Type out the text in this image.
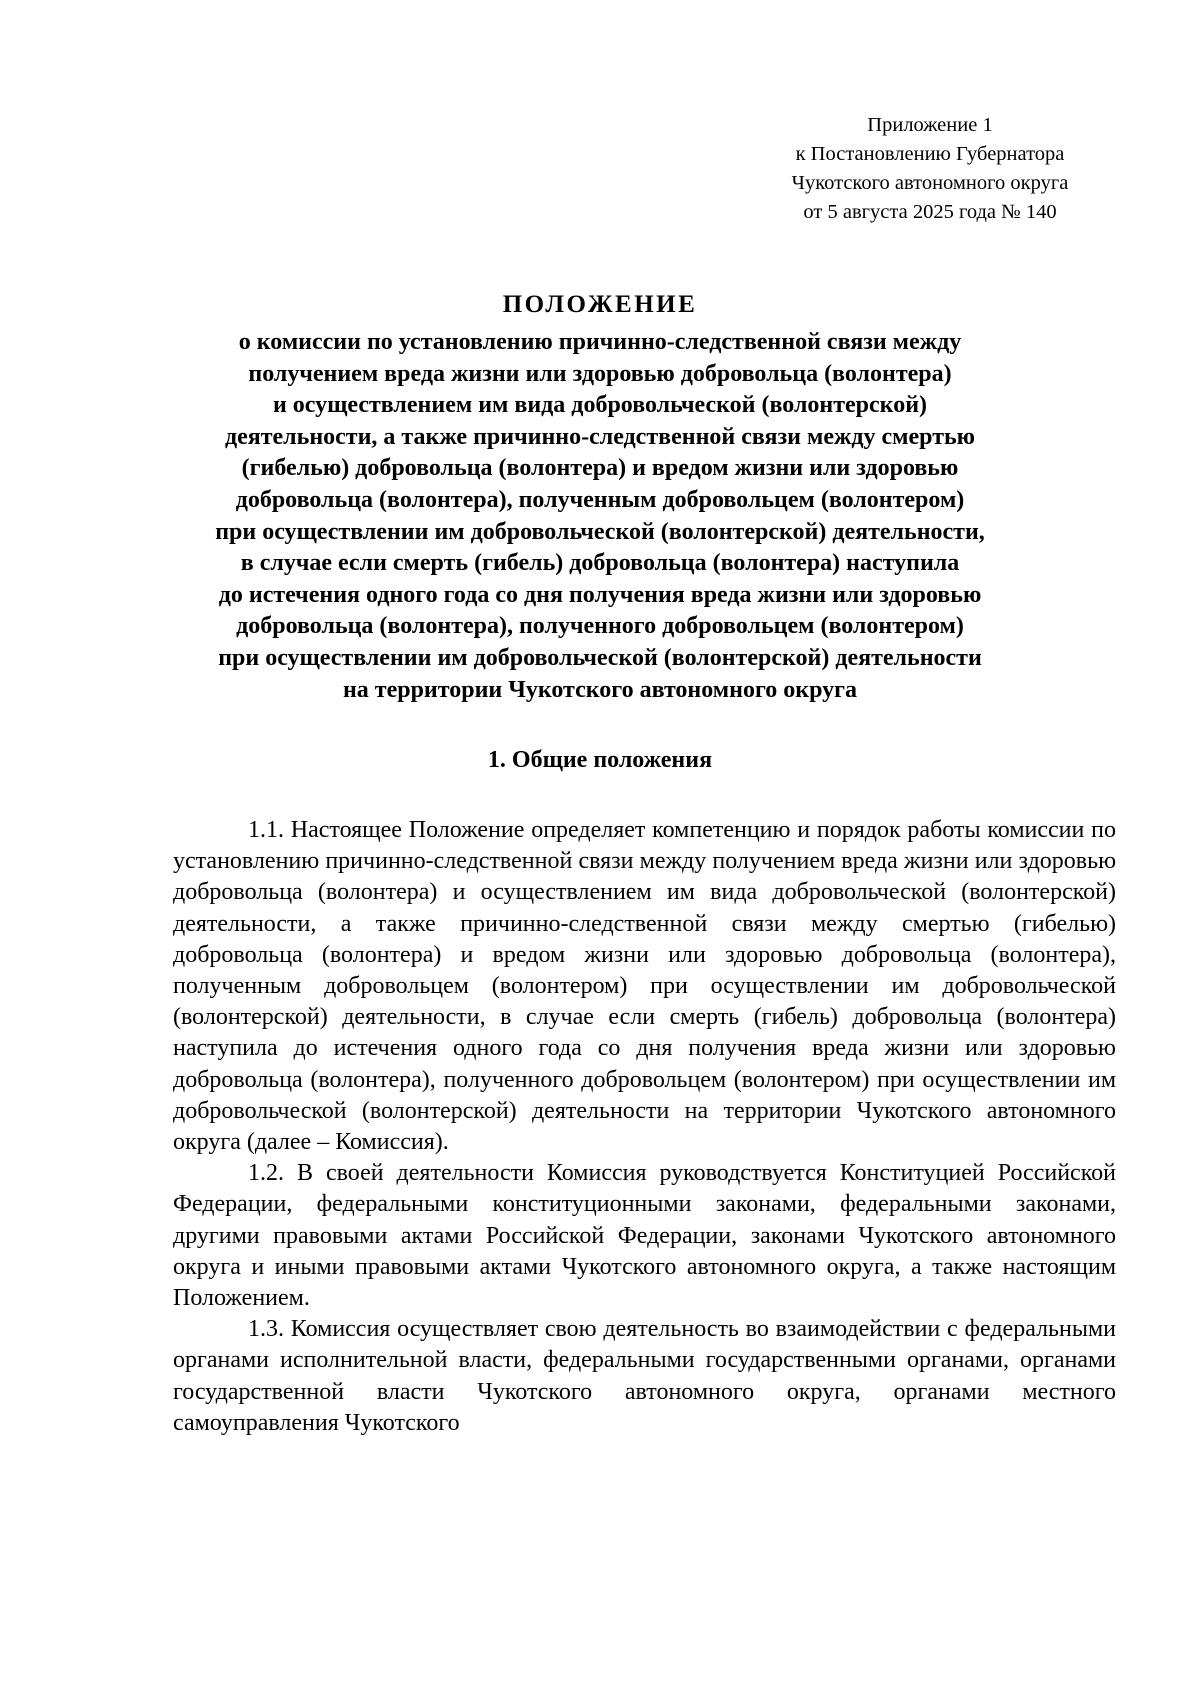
Приложение 1
к Постановлению Губернатора
Чукотского автономного округа
от 5 августа 2025 года № 140
ПОЛОЖЕНИЕ
о комиссии по установлению причинно-следственной связи между
получением вреда жизни или здоровью добровольца (волонтера)
и осуществлением им вида добровольческой (волонтерской)
деятельности, а также причинно-следственной связи между смертью
(гибелью) добровольца (волонтера) и вредом жизни или здоровью
добровольца (волонтера), полученным добровольцем (волонтером)
при осуществлении им добровольческой (волонтерской) деятельности,
в случае если смерть (гибель) добровольца (волонтера) наступила
до истечения одного года со дня получения вреда жизни или здоровью
добровольца (волонтера), полученного добровольцем (волонтером)
при осуществлении им добровольческой (волонтерской) деятельности
на территории Чукотского автономного округа
1. Общие положения

1.1. Настоящее Положение определяет компетенцию и порядок работы комиссии по установлению причинно-следственной связи между получением вреда жизни или здоровью добровольца (волонтера) и осуществлением им вида добровольческой (волонтерской) деятельности, а также причинно-следственной связи между смертью (гибелью) добровольца (волонтера) и вредом жизни или здоровью добровольца (волонтера), полученным добровольцем (волонтером) при осуществлении им добровольческой (волонтерской) деятельности, в случае если смерть (гибель) добровольца (волонтера) наступила до истечения одного года со дня получения вреда жизни или здоровью добровольца (волонтера), полученного добровольцем (волонтером) при осуществлении им добровольческой (волонтерской) деятельности на территории Чукотского автономного округа (далее – Комиссия).

1.2. В своей деятельности Комиссия руководствуется Конституцией Российской Федерации, федеральными конституционными законами, федеральными законами, другими правовыми актами Российской Федерации, законами Чукотского автономного округа и иными правовыми актами Чукотского автономного округа, а также настоящим Положением.

1.3. Комиссия осуществляет свою деятельность во взаимодействии с федеральными органами исполнительной власти, федеральными государственными органами, органами государственной власти Чукотского автономного округа, органами местного самоуправления Чукотского
